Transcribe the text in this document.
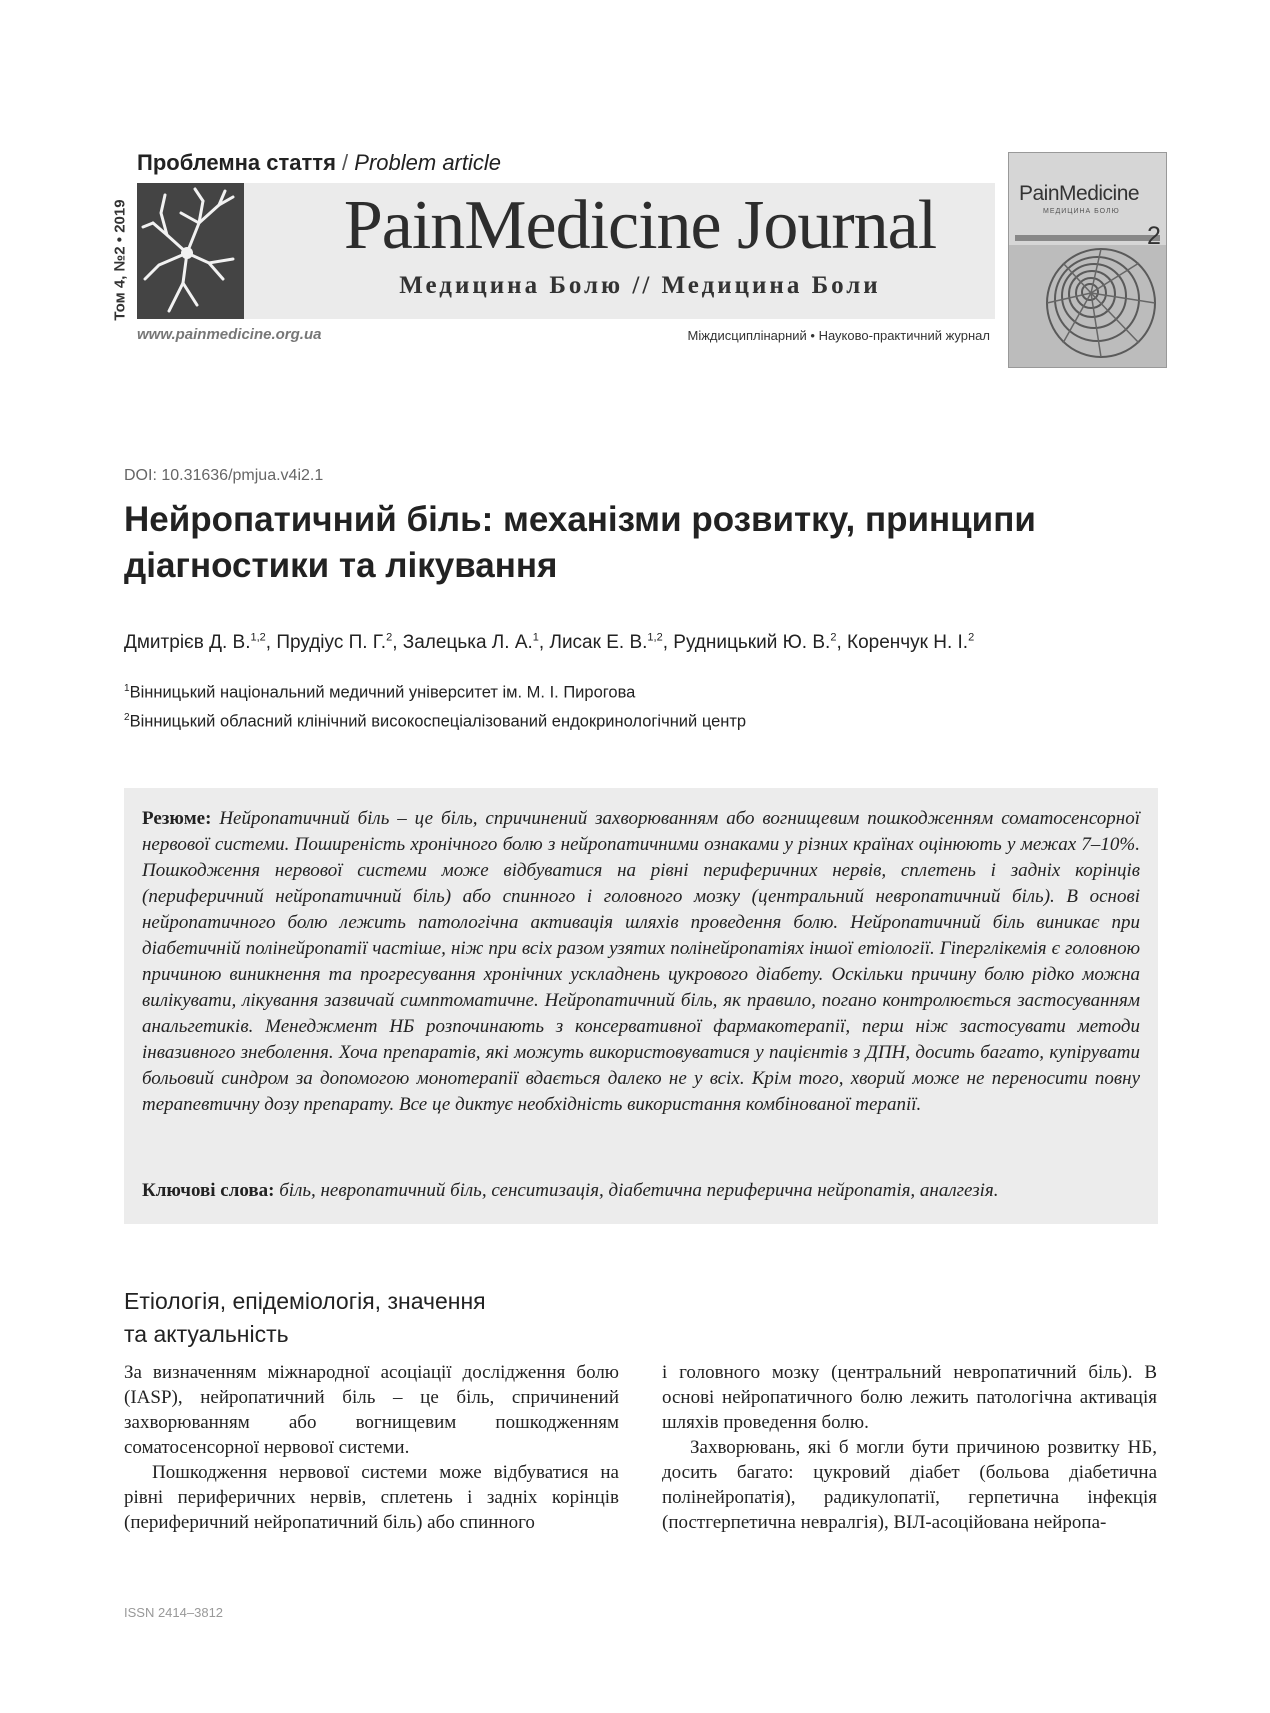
Проблемна стаття / Problem article
Том 4, №2 • 2019	PainMedicine Journal
Медицина Болю // Медицина Боли
www.painmedicine.org.ua	Міждисциплінарний • Науково-практичний журнал
PainMedicine
МЕДИЦИНА БОЛЮ
2
DOI: 10.31636/pmjua.v4i2.1
Нейропатичний біль: механізми розвитку, принципи
діагностики та лікування
Дмитрієв Д. В.$^{1,2}$, Прудіус П. Г.$^2$, Залецька Л. А.$^1$, Лисак Е. В.$^{1,2}$, Рудницький Ю. В.$^2$, Коренчук Н. І.$^2$
$^1$Вінницький національний медичний університет ім. М. І. Пирогова
$^2$Вінницький обласний клінічний високоспеціалізований ендокринологічний центр
Резюме: Нейропатичний біль – це біль, спричинений захворюванням або вогнищевим пошкодженням соматосенсорної нервової системи. Поширеність хронічного болю з нейропатичними ознаками у різних країнах оцінюють у межах 7–10%. Пошкодження нервової системи може відбуватися на рівні периферичних нервів, сплетень і задніх корінців (периферичний нейропатичний біль) або спинного і головного мозку (центральний невропатичний біль). В основі нейропатичного болю лежить патологічна активація шляхів проведення болю. Нейропатичний біль виникає при діабетичній полінейропатії частіше, ніж при всіх разом узятих полінейропатіях іншої етіології. Гіперглікемія є головною причиною виникнення та прогресування хронічних ускладнень цукрового діабету. Оскільки причину болю рідко можна вилікувати, лікування зазвичай симптоматичне. Нейропатичний біль, як правило, погано контролюється застосуванням анальгетиків. Менеджмент НБ розпочинають з консервативної фармакотерапії, перш ніж застосувати методи інвазивного знеболення. Хоча препаратів, які можуть використовуватися у пацієнтів з ДПН, досить багато, купірувати больовий синдром за допомогою монотерапії вдається далеко не у всіх. Крім того, хворий може не переносити повну терапевтичну дозу препарату. Все це диктує необхідність використання комбінованої терапії.
Ключові слова: біль, невропатичний біль, сенситизація, діабетична периферична нейропатія, аналгезія.
Етіологія, епідеміологія, значення
та актуальність

За визначенням міжнародної асоціації дослідження болю (IASP), нейропатичний біль – це біль, спричинений захворюванням або вогнищевим пошкодженням соматосенсорної нервової системи.

Пошкодження нервової системи може відбуватися на рівні периферичних нервів, сплетень і задніх корінців (периферичний нейропатичний біль) або спинного

і головного мозку (центральний невропатичний біль). В основі нейропатичного болю лежить патологічна активація шляхів проведення болю.

Захворювань, які б могли бути причиною розвитку НБ, досить багато: цукровий діабет (больова діабетична полінейропатія), радикулопатії, герпетична інфекція (постгерпетична невралгія), ВІЛ-асоційована нейропа-

ISSN 2414–3812
